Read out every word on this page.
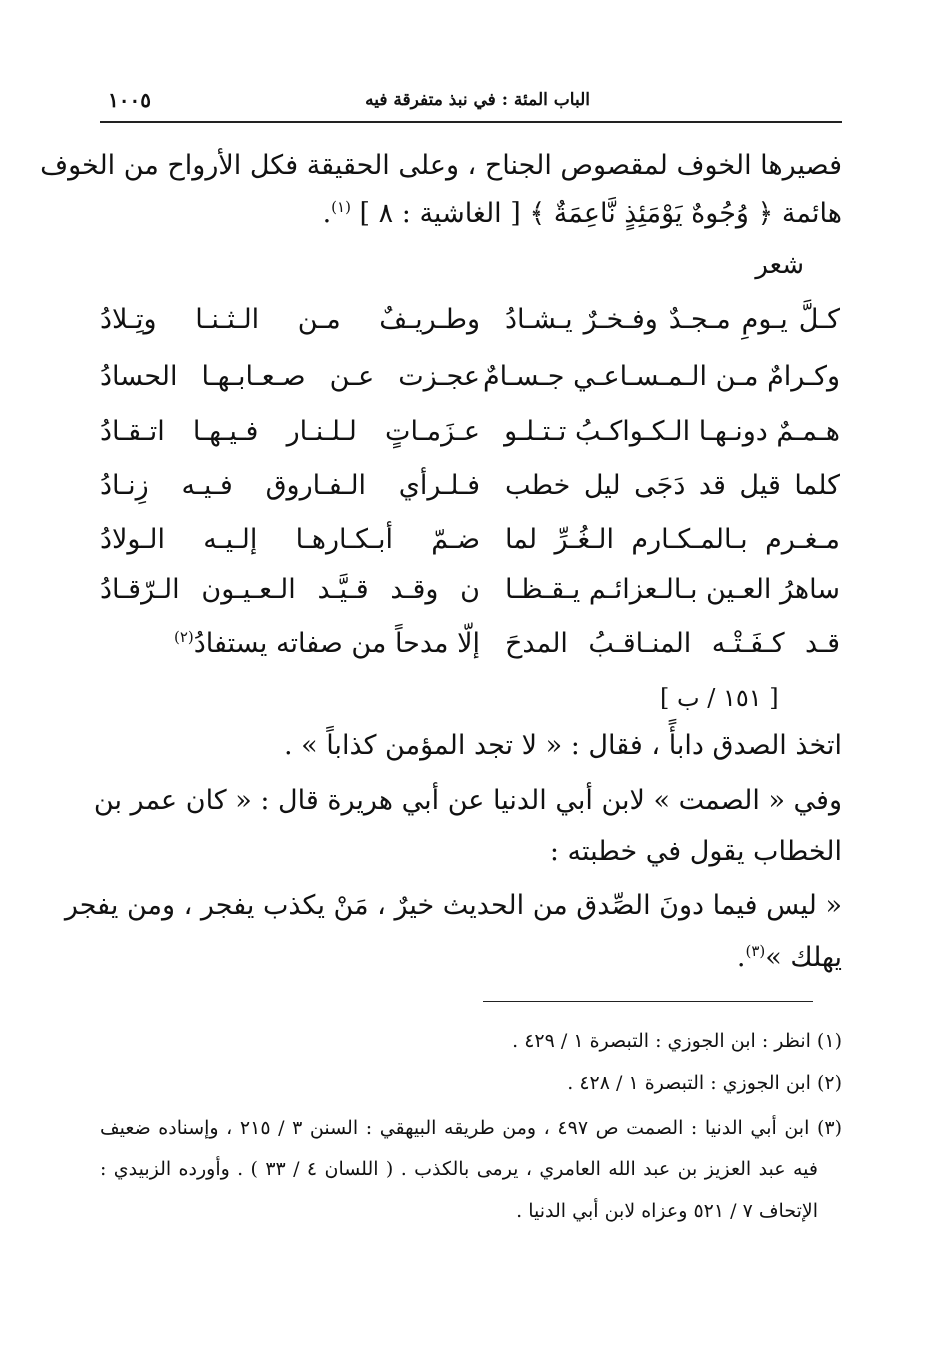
الباب المئة : في نبذ متفرقة فيه
١٠٠٥
فصيرها الخوف لمقصوص الجناح ، وعلى الحقيقة فكل الأرواح من الخوف
هائمة ﴿ وُجُوهٌ يَوْمَئِذٍ نَّاعِمَةٌ ﴾ [ الغاشية : ٨ ] $^{(١)}$.
شعر
كـلَّ يـومِ مـجـدٌ وفـخـرٌ يـشـادُ
وطـريـفٌ مـن الـثـنـا وتِـلادُ
وكـرامٌ مـن الـمـسـاعـي جـسـامٌ
عجـزت عـن صـعـابـهـا الحسادُ
هـمـمٌ دونـهـا الـكـواكـبُ تـتـلـو
عـزَمـاتٍ لـلـنـار فـيـهـا اتـقـادُ
كلما قيل قد دَجَى ليل خطب
فـلـرأي الـفـاروق فـيـه زِنـادُ
مـغـرم بـالمـكـارم الـغُـرِّ لما
ضـمّ أبـكـارهـا إلـيـه الـولادُ
ساهرُ العـين بـالـعزائـم يـقـظـا
ن وقـد قـيَّـد الـعـيـون الـرّقـادُ
قـد كـفَـتْـه المنـاقـبُ المدحَ
إلّا مدحاً من صفاته يستفادُ$^{(٢)}$
[ ١٥١ / ب ]
اتخذ الصدق دابأً ، فقال : « لا تجد المؤمن كذاباً » .
وفي « الصمت » لابن أبي الدنيا عن أبي هريرة قال : « كان عمر بن
الخطاب يقول في خطبته :
« ليس فيما دونَ الصِّدق من الحديث خيرٌ ، مَنْ يكذب يفجر ، ومن يفجر
يهلك »$^{(٣)}$.
(١) انظر : ابن الجوزي : التبصرة ١ / ٤٢٩ .
(٢) ابن الجوزي : التبصرة ١ / ٤٢٨ .
(٣) ابن أبي الدنيا : الصمت ص ٤٩٧ ، ومن طريقه البيهقي : السنن ٣ / ٢١٥ ، وإسناده ضعيف
فيه عبد العزيز بن عبد الله العامري ، يرمى بالكذب . ( اللسان ٤ / ٣٣ ) . وأورده الزبيدي :
الإتحاف ٧ / ٥٢١ وعزاه لابن أبي الدنيا .
